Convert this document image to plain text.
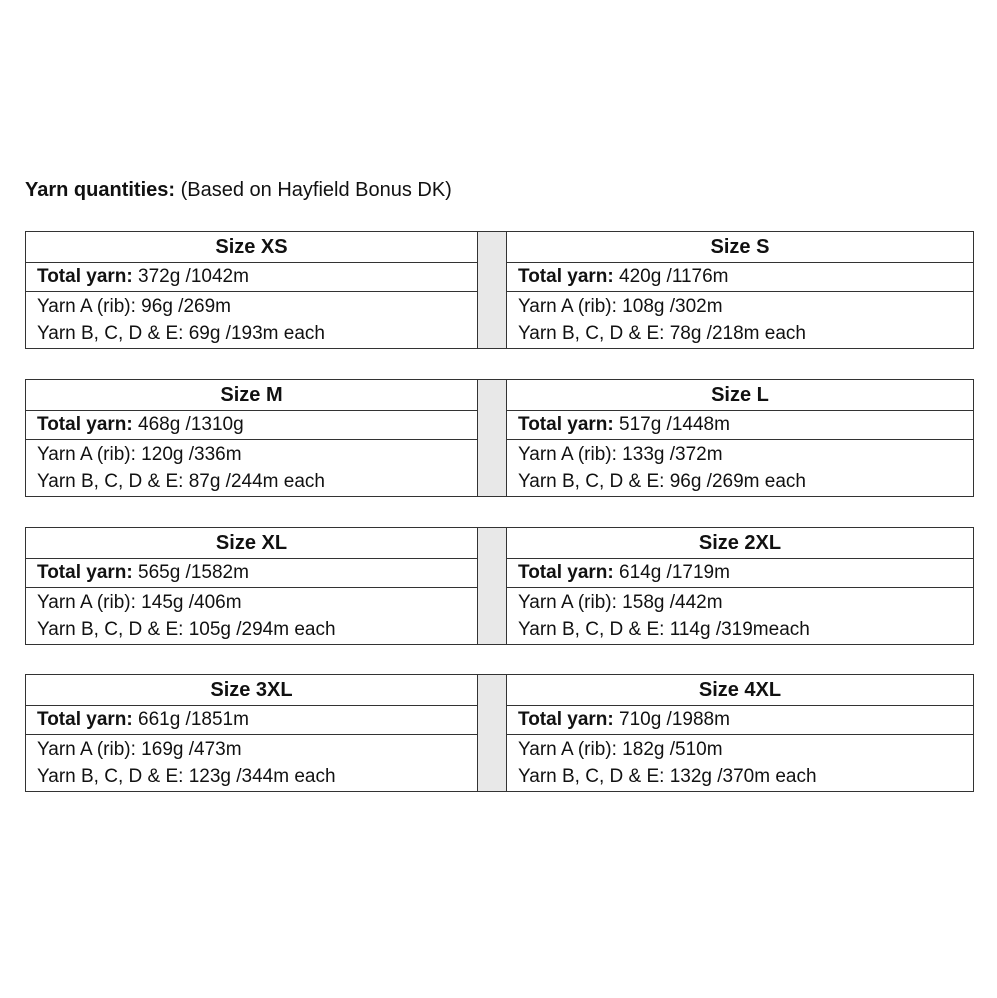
Yarn quantities: (Based on Hayfield Bonus DK)
Size XS
Total yarn: 372g /1042m
Yarn A (rib): 96g /269m
Yarn B, C, D & E: 69g /193m each
Size S
Total yarn: 420g /1176m
Yarn A (rib): 108g /302m
Yarn B, C, D & E: 78g /218m each
Size M
Total yarn: 468g /1310g
Yarn A (rib): 120g /336m
Yarn B, C, D & E: 87g /244m each
Size L
Total yarn: 517g /1448m
Yarn A (rib): 133g /372m
Yarn B, C, D & E: 96g /269m each
Size XL
Total yarn: 565g /1582m
Yarn A (rib): 145g /406m
Yarn B, C, D & E: 105g /294m each
Size 2XL
Total yarn: 614g /1719m
Yarn A (rib): 158g /442m
Yarn B, C, D & E: 114g /319meach
Size 3XL
Total yarn: 661g /1851m
Yarn A (rib): 169g /473m
Yarn B, C, D & E: 123g /344m each
Size 4XL
Total yarn: 710g /1988m
Yarn A (rib): 182g /510m
Yarn B, C, D & E: 132g /370m each
